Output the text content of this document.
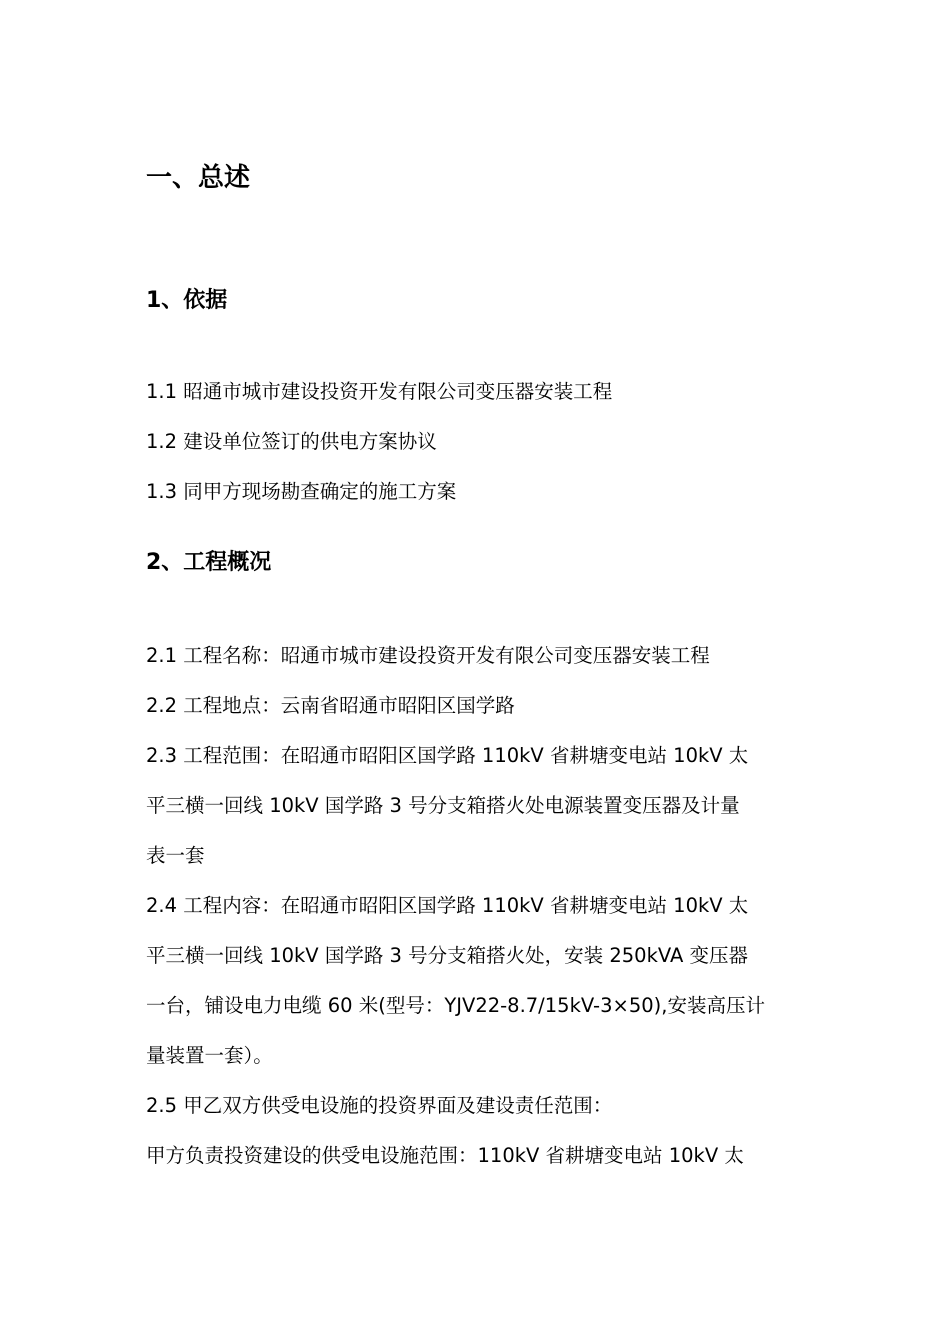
一、总述
1、依据
1.1 昭通市城市建设投资开发有限公司变压器安装工程
1.2 建设单位签订的供电方案协议
1.3 同甲方现场勘查确定的施工方案
2、工程概况
2.1 工程名称：昭通市城市建设投资开发有限公司变压器安装工程
2.2 工程地点：云南省昭通市昭阳区国学路
2.3 工程范围：在昭通市昭阳区国学路 110kV 省耕塘变电站 10kV 太
平三横一回线 10kV 国学路 3 号分支箱搭火处电源装置变压器及计量
表一套
2.4 工程内容：在昭通市昭阳区国学路 110kV 省耕塘变电站 10kV 太
平三横一回线 10kV 国学路 3 号分支箱搭火处，安装 250kVA 变压器
一台，铺设电力电缆 60 米(型号：YJV22-8.7/15kV-3×50),安装高压计
量装置一套）。
2.5 甲乙双方供受电设施的投资界面及建设责任范围：
甲方负责投资建设的供受电设施范围：110kV 省耕塘变电站 10kV 太
